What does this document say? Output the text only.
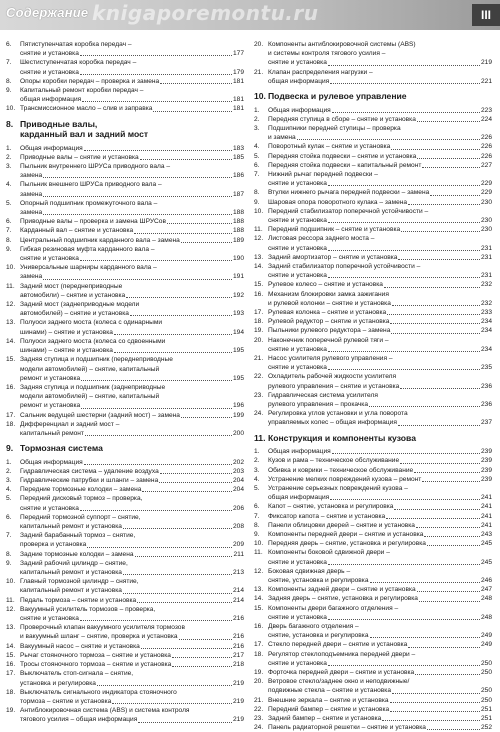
Содержание knigaporemontu.ru	III
6.	Пятиступенчатая коробка передач –
снятие и установка	177
7.	Шестиступенчатая коробка передач –
снятие и установка	179
8.	Опоры коробки передач – проверка и замена	181
9.	Капитальный ремонт коробки передач –
общая информация	181
10. Трансмиссионное масло – слив и заправка	181
8. Приводные валы,
карданный вал и задний мост
1.	Общая информация	183
2.	Приводные валы – снятие и установка	185
3.	Пыльник внутреннего ШРУСа приводного вала –
замена	186
4.	Пыльник внешнего ШРУСа приводного вала –
замена	187
5.	Опорный подшипник промежуточного вала –
замена	188
6.	Приводные валы – проверка и замена ШРУСов	188
7.	Карданный вал – снятие и установка	188
8.	Центральный подшипник карданного вала – замена	189
9.	Гибкая резиновая муфта карданного вала –
снятие и установка	190
10. Универсальные шарниры карданного вала –
замена	191
11. Задний мост (переднеприводные
автомобили) – снятие и установка	192
12. Задний мост (заднеприводные модели
автомобилей) – снятие и установка	193
13. Полуоси заднего моста (колеса с одинарными
шинами) – снятие и установка	194
14. Полуоси заднего моста (колеса со сдвоенными
шинами) – снятие и установка	195
15. Задняя ступица и подшипник (переднеприводные
модели автомобилей) – снятие, капитальный
ремонт и установка	195
16. Задняя ступица и подшипник (заднеприводные
модели автомобилей) – снятие, капитальный
ремонт и установка	196
17. Сальник ведущей шестерни (задний мост) – замена	199
18. Дифференциал и задний мост –
капитальный ремонт	200
9. Тормозная система
1.	Общая информация	202
2.	Гидравлическая система – удаление воздуха	203
3.	Гидравлические патрубки и шланги – замена	204
4.	Передние тормозные колодки – замена	204
5.	Передний дисковый тормоз – проверка,
снятие и установка	206
6.	Передний тормозной суппорт – снятие,
капитальный ремонт и установка	208
7.	Задний барабанный тормоз – снятие,
проверка и установка	209
8.	Задние тормозные колодки – замена	211
9.	Задний рабочий цилиндр – снятие,
капитальный ремонт и установка	213
10. Главный тормозной цилиндр – снятие,
капитальный ремонт и установка	214
11. Педаль тормоза – снятие и установка	214
12. Вакуумный усилитель тормозов – проверка,
снятие и установка	216
13. Проверочный клапан вакуумного усилителя тормозов
и вакуумный шланг – снятие, проверка и установка	216
14. Вакуумный насос – снятие и установка	216
15. Рычаг стояночного тормоза – снятие и установка	217
16. Тросы стояночного тормоза – снятие и установка	218
17. Выключатель стоп-сигнала – снятие,
установка и регулировка	219
18. Выключатель сигнального индикатора стояночного
тормоза – снятие и установка	219
19. Антиблокировочная система (ABS) и система контроля
тягового усилия – общая информация	219
20. Компоненты антиблокировочной системы (ABS)
и системы контроля тягового усилия –
снятие и установка	219
21. Клапан распределения нагрузки –
общая информация	221
10. Подвеска и рулевое управление
1.	Общая информация	223
2.	Передняя ступица в сборе – снятие и установка	224
3.	Подшипники передней ступицы – проверка
и замена	226
4.	Поворотный кулак – снятие и установка	226
5.	Передняя стойка подвески – снятие и установка	226
6.	Передняя стойка подвески – капитальный ремонт	227
7.	Нижний рычаг передней подвески –
снятие и установка	229
8.	Втулки нижнего рычага передней подвески – замена	229
9.	Шаровая опора поворотного кулака – замена	230
10. Передний стабилизатор поперечной устойчивости –
снятие и установка	230
11. Передний подшипник – снятие и установка	230
12. Листовая рессора заднего моста –
снятие и установка	231
13. Задний амортизатор – снятие и установка	231
14. Задний стабилизатор поперечной устойчивости –
снятие и установка	231
15. Рулевое колесо – снятие и установка	232
16. Механизм блокировки замка зажигания
и рулевой колонки – снятие и установка	232
17. Рулевая колонка – снятие и установка	233
18. Рулевой редуктор – снятие и установка	234
19. Пыльники рулевого редуктора – замена	234
20. Наконечник поперечной рулевой тяги –
снятие и установка	234
21. Насос усилителя рулевого управления –
снятие и установка	235
22. Охладитель рабочей жидкости усилителя
рулевого управления – снятие и установка	236
23. Гидравлическая система усилителя
рулевого управления – прокачка	236
24. Регулировка углов установки и угла поворота
управляемых колес – общая информация	237
11. Конструкция и компоненты кузова
1.	Общая информация	239
2.	Кузов и рама – техническое обслуживание	239
3.	Обивка и коврики – техническое обслуживание	239
4.	Устранение мелких повреждений кузова – ремонт	239
5.	Устранение серьезных повреждений кузова –
общая информация	241
6.	Капот – снятие, установка и регулировка	241
7.	Фиксатор капота – снятие и установка	241
8.	Панели облицовки дверей – снятие и установка	241
9.	Компоненты передней двери – снятие и установка	243
10. Передняя дверь – снятие, установка и регулировка	245
11. Компоненты боковой сдвижной двери –
снятие и установка	245
12. Боковая сдвижная дверь –
снятие, установка и регулировка	246
13. Компоненты задней двери – снятие и установка	247
14. Задняя дверь – снятие, установка и регулировка	248
15. Компоненты двери багажного отделения –
снятие и установка	248
16. Дверь багажного отделения –
снятие, установка и регулировка	249
17. Стекло передней двери – снятие и установка	249
18. Регулятор стеклоподъемника передней двери –
снятие и установка	250
19. Форточка передней двери – снятие и установка	250
20. Ветровое стекло/заднее окно и неподвижные/
подвижные стекла – снятие и установка	250
21. Внешние зеркала – снятие и установка	250
22. Передний бампер – снятие и установка	251
23. Задний бампер – снятие и установка	251
24. Панель радиаторной решетки – снятие и установка	252
